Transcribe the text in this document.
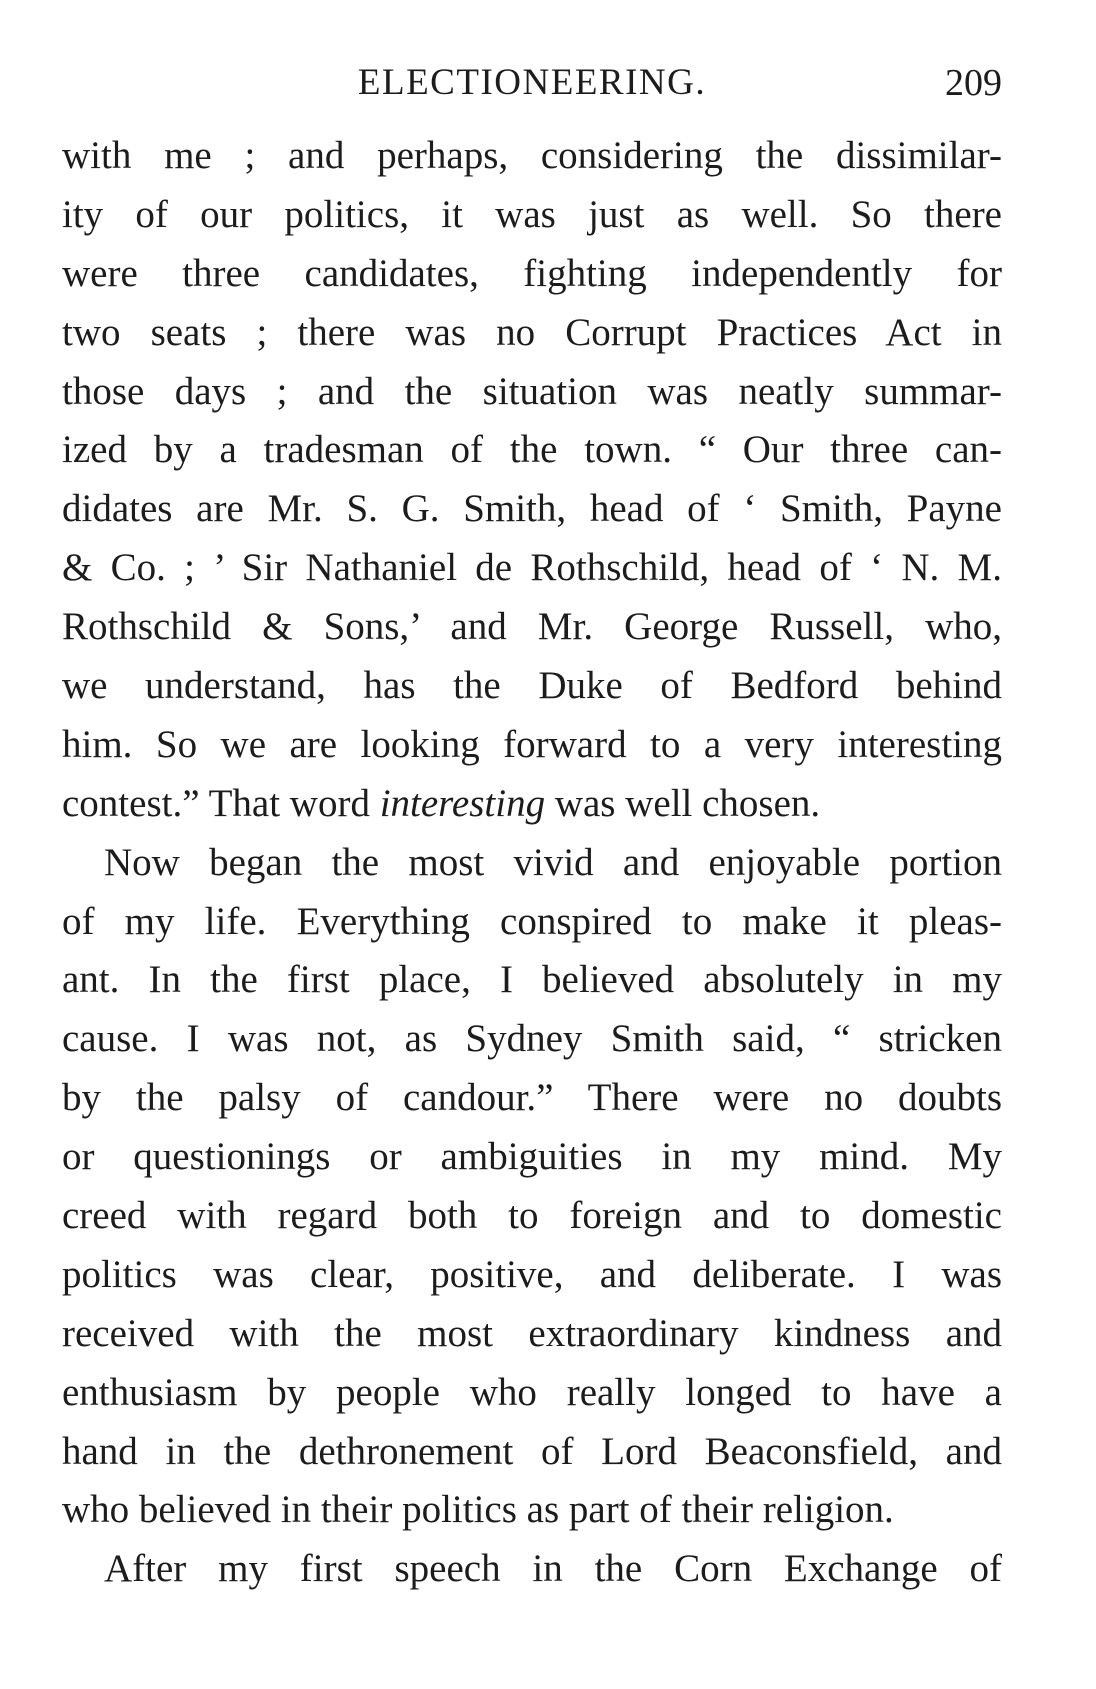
ELECTIONEERING.	209
with me ; and perhaps, considering the dissimilar-
ity of our politics, it was just as well. So there
were three candidates, fighting independently for
two seats ; there was no Corrupt Practices Act in
those days ; and the situation was neatly summar-
ized by a tradesman of the town. “ Our three can-
didates are Mr. S. G. Smith, head of ‘ Smith, Payne
& Co. ; ’ Sir Nathaniel de Rothschild, head of ‘ N. M.
Rothschild & Sons,’ and Mr. George Russell, who,
we understand, has the Duke of Bedford behind
him. So we are looking forward to a very interesting
contest.” That word interesting was well chosen.
Now began the most vivid and enjoyable portion
of my life. Everything conspired to make it pleas-
ant. In the first place, I believed absolutely in my
cause. I was not, as Sydney Smith said, “ stricken
by the palsy of candour.” There were no doubts
or questionings or ambiguities in my mind. My
creed with regard both to foreign and to domestic
politics was clear, positive, and deliberate. I was
received with the most extraordinary kindness and
enthusiasm by people who really longed to have a
hand in the dethronement of Lord Beaconsfield, and
who believed in their politics as part of their religion.
After my first speech in the Corn Exchange of
